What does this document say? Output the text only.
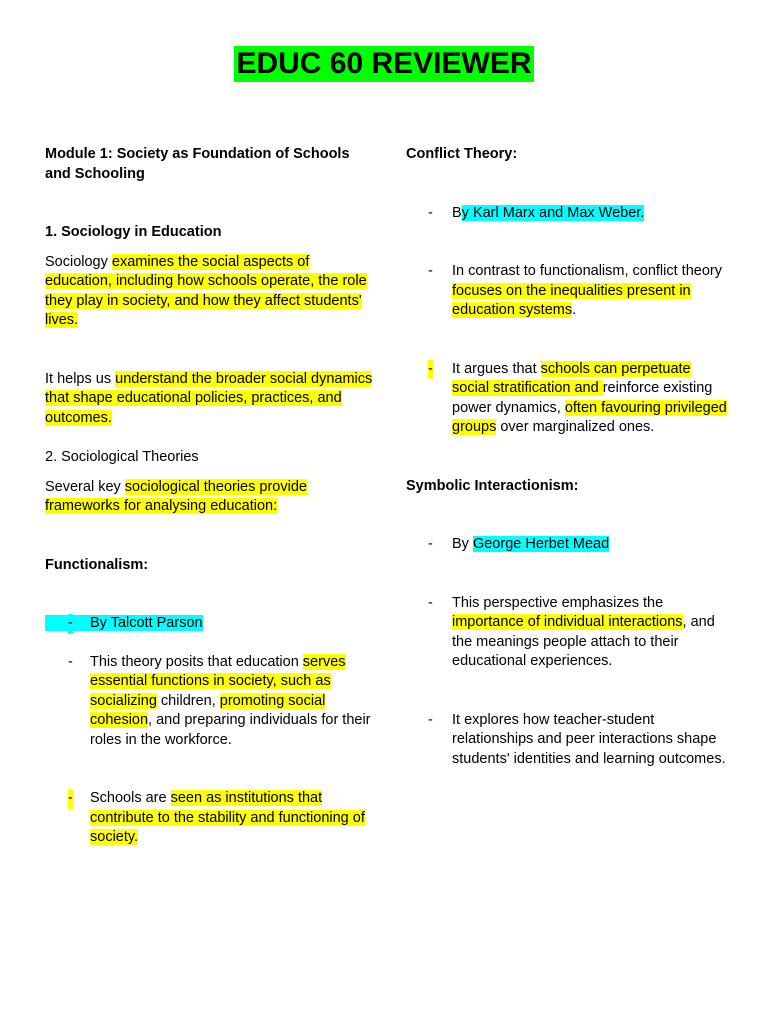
EDUC 60 REVIEWER

Module 1: Society as Foundation of Schools
and Schooling

1. Sociology in Education

Sociology examines the social aspects of education, including how schools operate, the role they play in society, and how they affect students' lives.

It helps us understand the broader social dynamics that shape educational policies, practices, and outcomes.

2. Sociological Theories

Several key sociological theories provide frameworks for analysing education:

Functionalism:

- By Talcott Parson
- This theory posits that education serves essential functions in society, such as socializing children, promoting social cohesion, and preparing individuals for their roles in the workforce.
- Schools are seen as institutions that contribute to the stability and functioning of society.

Conflict Theory:

- By Karl Marx and Max Weber.
- In contrast to functionalism, conflict theory focuses on the inequalities present in education systems.
- It argues that schools can perpetuate social stratification and reinforce existing power dynamics, often favouring privileged groups over marginalized ones.

Symbolic Interactionism:

- By George Herbet Mead
- This perspective emphasizes the importance of individual interactions, and the meanings people attach to their educational experiences.
- It explores how teacher-student relationships and peer interactions shape students' identities and learning outcomes.
